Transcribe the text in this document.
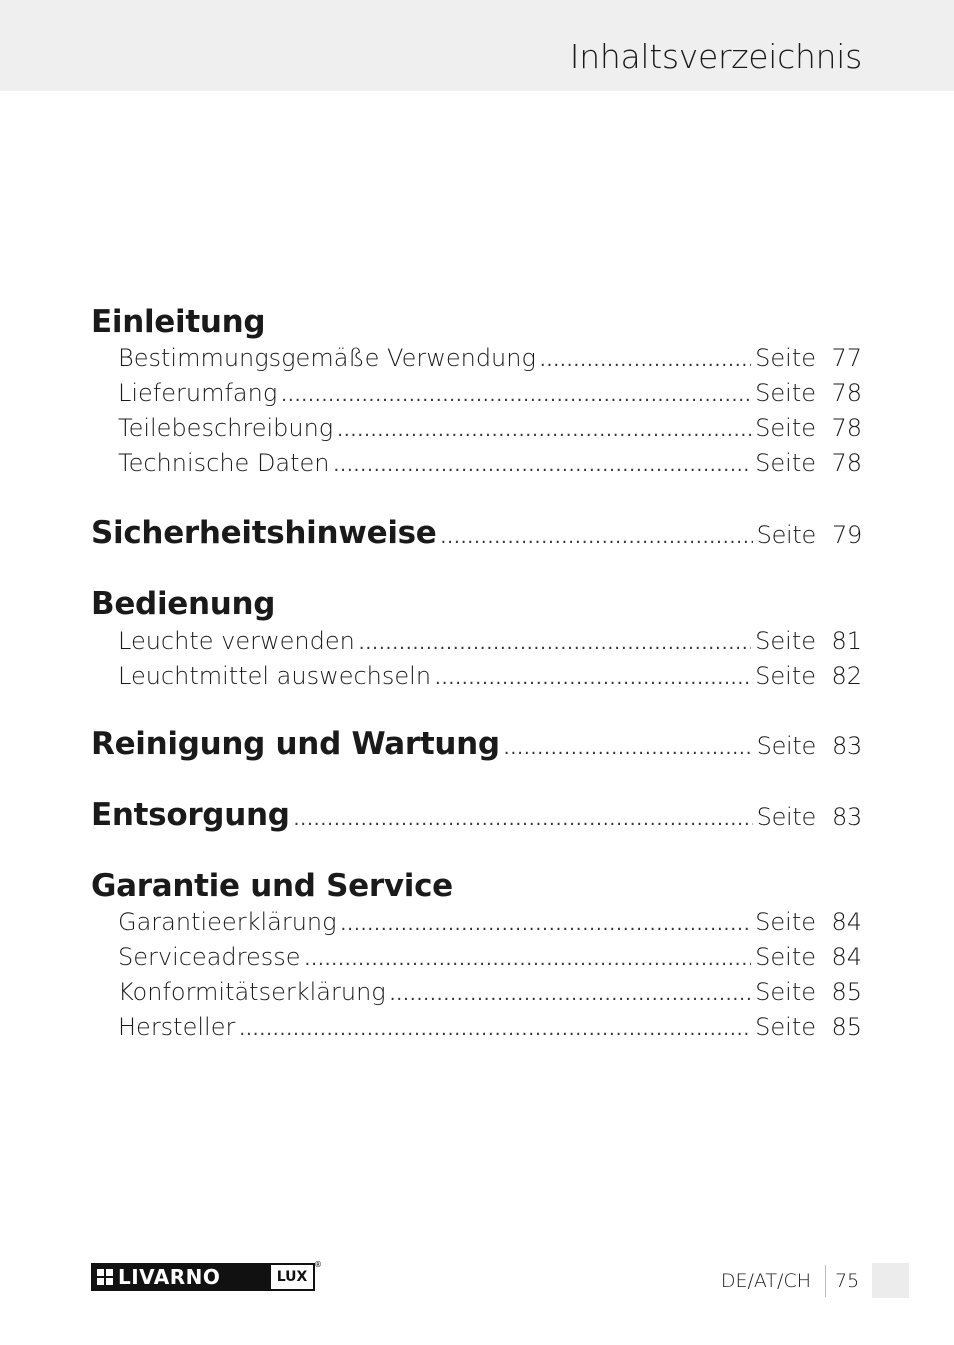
Inhaltsverzeichnis
Einleitung
Bestimmungsgemäße Verwendung .....	Seite 77
Lieferumfang .....	Seite 78
Teilebeschreibung .....	Seite 78
Technische Daten .....	Seite 78
Sicherheitshinweise .....	Seite 79
Bedienung
Leuchte verwenden .....	Seite 81
Leuchtmittel auswechseln .....	Seite 82
Reinigung und Wartung .....	Seite 83
Entsorgung .....	Seite 83
Garantie und Service
Garantieerklärung .....	Seite 84
Serviceadresse .....	Seite 84
Konformitätserklärung .....	Seite 85
Hersteller .....	Seite 85
LIVARNO	LUX
®
DE/AT/CH 75
